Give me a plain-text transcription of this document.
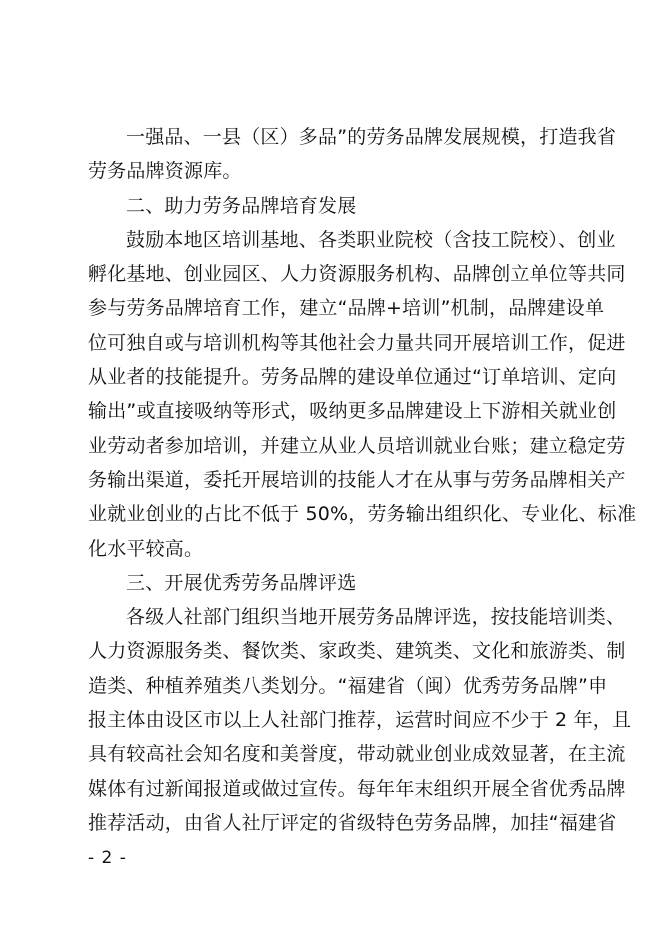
一强品、一县（区）多品”的劳务品牌发展规模，打造我省
劳务品牌资源库。
二、助力劳务品牌培育发展
鼓励本地区培训基地、各类职业院校（含技工院校）、创业
孵化基地、创业园区、人力资源服务机构、品牌创立单位等共同
参与劳务品牌培育工作，建立“品牌+培训”机制，品牌建设单
位可独自或与培训机构等其他社会力量共同开展培训工作，促进
从业者的技能提升。劳务品牌的建设单位通过“订单培训、定向
输出”或直接吸纳等形式，吸纳更多品牌建设上下游相关就业创
业劳动者参加培训，并建立从业人员培训就业台账；建立稳定劳
务输出渠道，委托开展培训的技能人才在从事与劳务品牌相关产
业就业创业的占比不低于 50%，劳务输出组织化、专业化、标准
化水平较高。
三、开展优秀劳务品牌评选
各级人社部门组织当地开展劳务品牌评选，按技能培训类、
人力资源服务类、餐饮类、家政类、建筑类、文化和旅游类、制
造类、种植养殖类八类划分。“福建省（闽）优秀劳务品牌”申
报主体由设区市以上人社部门推荐，运营时间应不少于 2 年，且
具有较高社会知名度和美誉度，带动就业创业成效显著，在主流
媒体有过新闻报道或做过宣传。每年年末组织开展全省优秀品牌
推荐活动，由省人社厅评定的省级特色劳务品牌，加挂“福建省
- 2 -
